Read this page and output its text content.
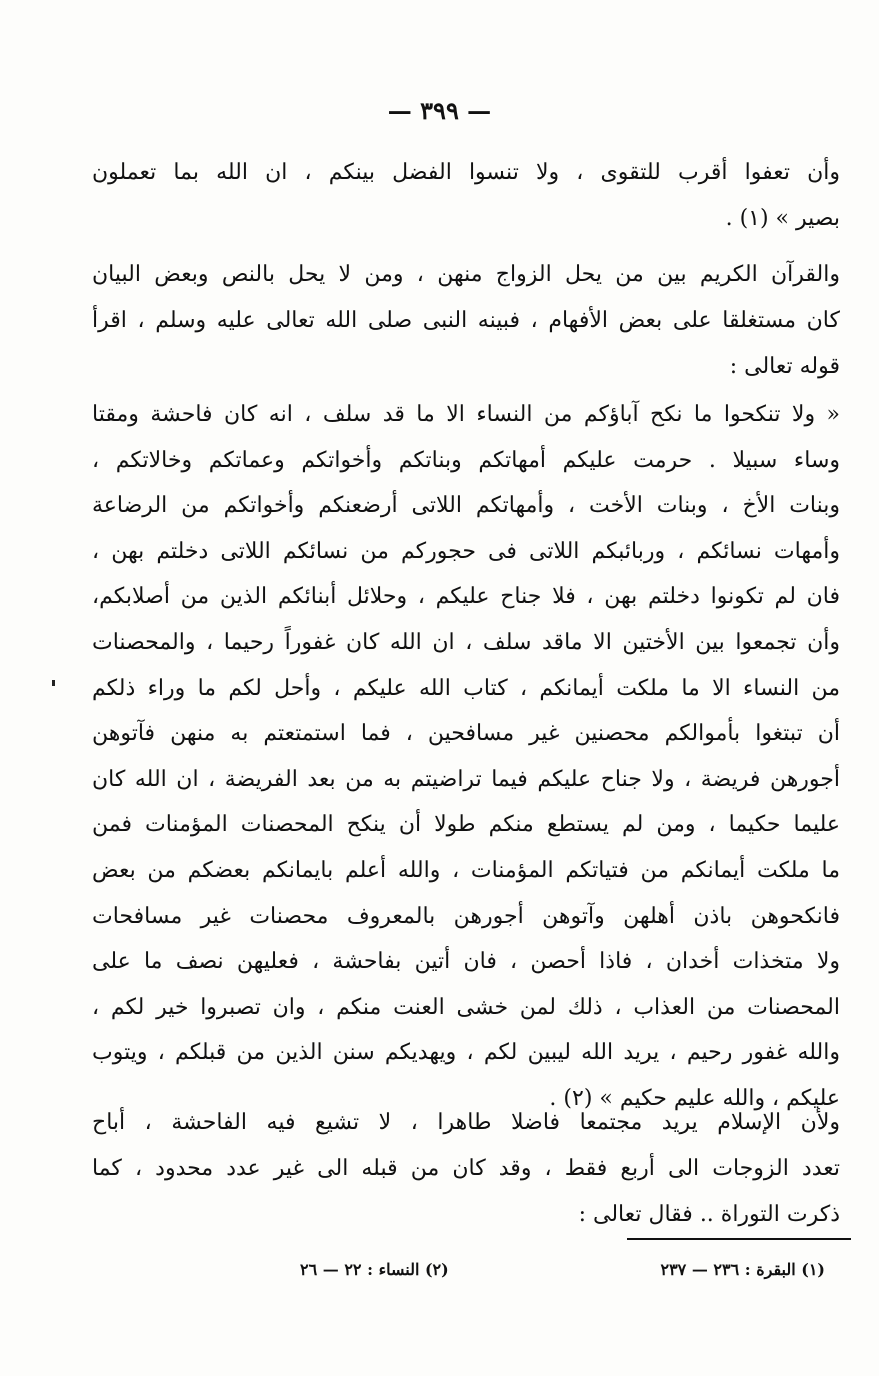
— ٣٩٩ —
وأن تعفوا أقرب للتقوى ، ولا تنسوا الفضل بينكم ، ان الله بما تعملون
بصير » (١) .
والقرآن الكريم بين من يحل الزواج منهن ، ومن لا يحل بالنص وبعض البيان
كان مستغلقا على بعض الأفهام ، فبينه النبى صلى الله تعالى عليه وسلم ، اقرأ
قوله تعالى :
« ولا تنكحوا ما نكح آباؤكم من النساء الا ما قد سلف ، انه كان فاحشة ومقتا
وساء سبيلا . حرمت عليكم أمهاتكم وبناتكم وأخواتكم وعماتكم وخالاتكم ،
وبنات الأخ ، وبنات الأخت ، وأمهاتكم اللاتى أرضعنكم وأخواتكم من الرضاعة
وأمهات نسائكم ، وربائبكم اللاتى فى حجوركم من نسائكم اللاتى دخلتم بهن ،
فان لم تكونوا دخلتم بهن ، فلا جناح عليكم ، وحلائل أبنائكم الذين من أصلابكم،
وأن تجمعوا بين الأختين الا ماقد سلف ، ان الله كان غفوراً رحيما ، والمحصنات
من النساء الا ما ملكت أيمانكم ، كتاب الله عليكم ، وأحل لكم ما وراء ذلكم
أن تبتغوا بأموالكم محصنين غير مسافحين ، فما استمتعتم به منهن فآتوهن
أجورهن فريضة ، ولا جناح عليكم فيما تراضيتم به من بعد الفريضة ، ان الله كان
عليما حكيما ، ومن لم يستطع منكم طولا أن ينكح المحصنات المؤمنات فمن
ما ملكت أيمانكم من فتياتكم المؤمنات ، والله أعلم بايمانكم بعضكم من بعض
فانكحوهن باذن أهلهن وآتوهن أجورهن بالمعروف محصنات غير مسافحات
ولا متخذات أخدان ، فاذا أحصن ، فان أتين بفاحشة ، فعليهن نصف ما على
المحصنات من العذاب ، ذلك لمن خشى العنت منكم ، وان تصبروا خير لكم ،
والله غفور رحيم ، يريد الله ليبين لكم ، ويهديكم سنن الذين من قبلكم ، ويتوب
عليكم ، والله عليم حكيم » (٢) .
ولأن الإسلام يريد مجتمعا فاضلا طاهرا ، لا تشيع فيه الفاحشة ، أباح
تعدد الزوجات الى أربع فقط ، وقد كان من قبله الى غير عدد محدود ، كما
ذكرت التوراة .. فقال تعالى :
(١) البقرة : ٢٣٦ — ٢٣٧
(٢) النساء : ٢٢ — ٢٦
